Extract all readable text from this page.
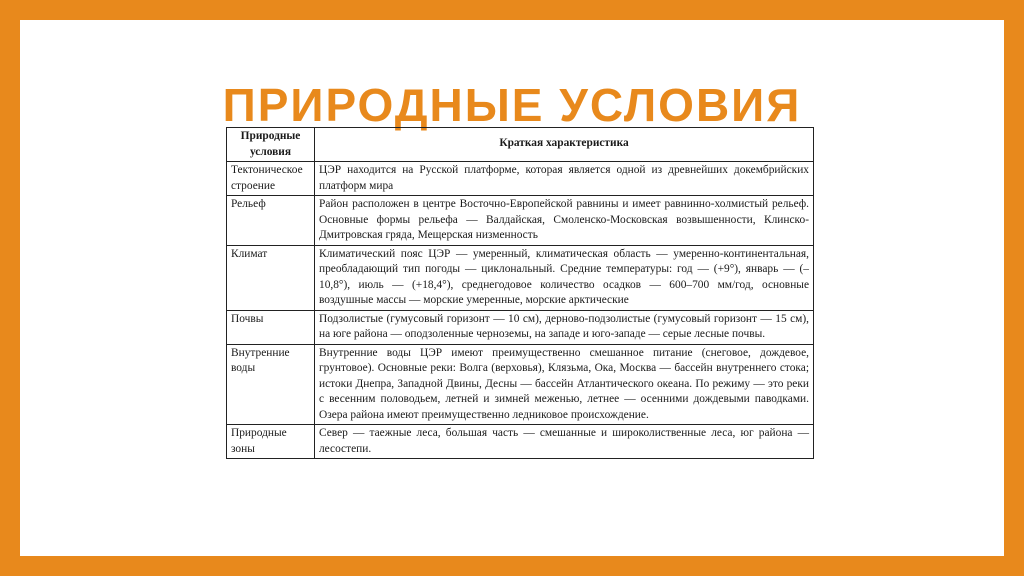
ПРИРОДНЫЕ УСЛОВИЯ
Природные условия	Краткая характеристика
Тектоническое строение	ЦЭР находится на Русской платформе, которая является одной из древнейших докембрийских платформ мира
Рельеф	Район расположен в центре Восточно-Европейской равнины и имеет равнинно-холмистый рельеф. Основные формы рельефа — Валдайская, Смоленско-Московская возвышенности, Клинско-Дмитровская гряда, Мещерская низменность
Климат	Климатический пояс ЦЭР — умеренный, климатическая область — умеренно-континентальная, преобладающий тип погоды — циклональный. Средние температуры: год — (+9°), январь — (– 10,8°), июль — (+18,4°), среднегодовое количество осадков — 600–700 мм/год, основные воздушные массы — морские умеренные, морские арктические
Почвы	Подзолистые (гумусовый горизонт — 10 см), дерново-подзолистые (гумусовый горизонт — 15 см), на юге района — оподзоленные черноземы, на западе и юго-западе — серые лесные почвы.
Внутренние воды	Внутренние воды ЦЭР имеют преимущественно смешанное питание (снеговое, дождевое, грунтовое). Основные реки: Волга (верховья), Клязьма, Ока, Москва — бассейн внутреннего стока; истоки Днепра, Западной Двины, Десны — бассейн Атлантического океана. По режиму — это реки с весенним половодьем, летней и зимней меженью, летнее — осенними дождевыми паводками. Озера района имеют преимущественно ледниковое происхождение.
Природные зоны	Север — таежные леса, большая часть — смешанные и широколиственные леса, юг района — лесостепи.
